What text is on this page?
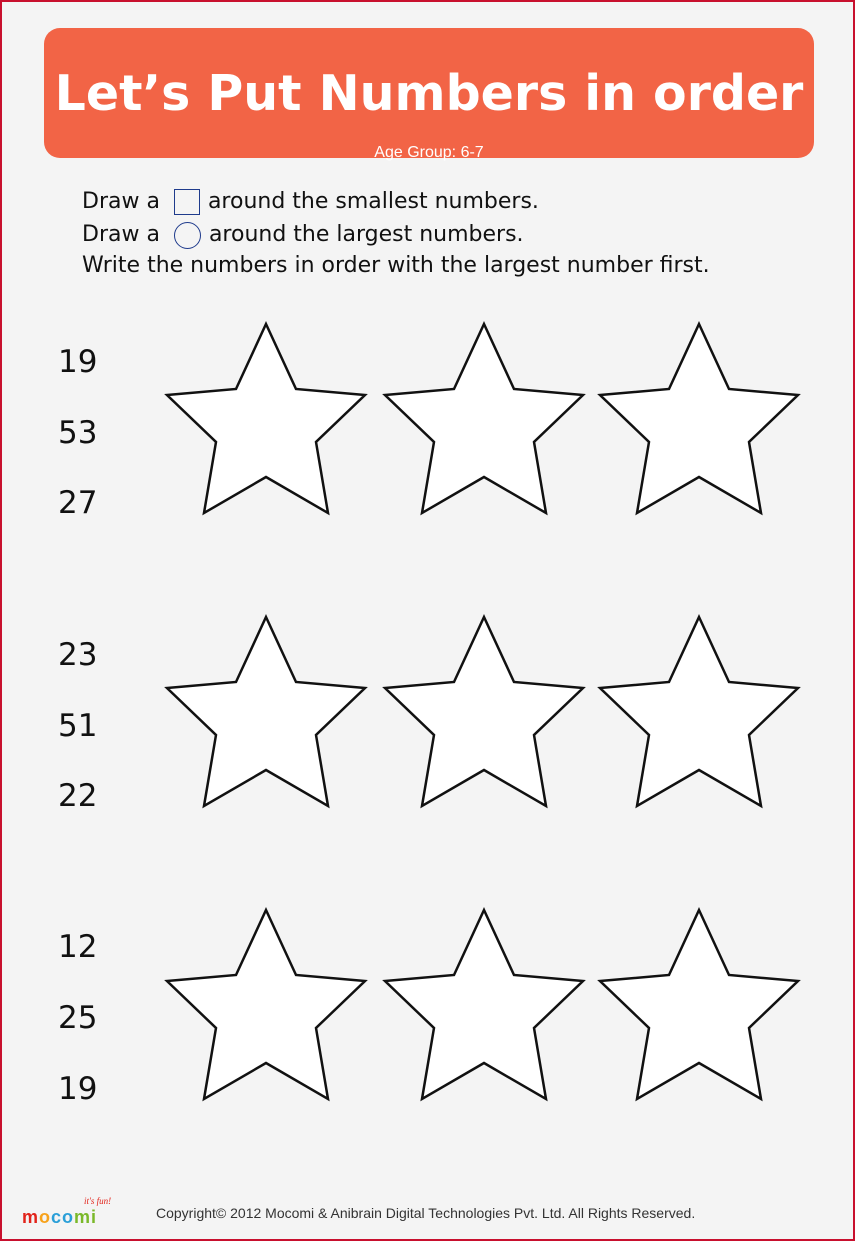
Let’s Put Numbers in order
Age Group: 6-7
Draw a around the smallest numbers.
Draw a around the largest numbers.
Write the numbers in order with the largest number first.
19
53
27
23
51
22
12
25
19
it's fun!
mocomi	Copyright© 2012 Mocomi & Anibrain Digital Technologies Pvt. Ltd. All Rights Reserved.
